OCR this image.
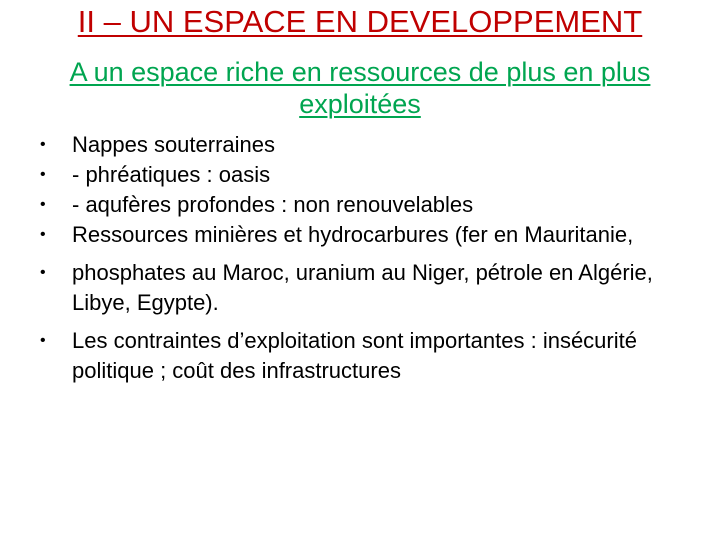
II – UN ESPACE EN DEVELOPPEMENT
A un espace riche en ressources de plus en plus exploitées
•	Nappes souterraines
•	- phréatiques : oasis
•	- aqufères profondes : non renouvelables
•	Ressources minières et hydrocarbures (fer en Mauritanie,
•	phosphates au Maroc, uranium au Niger, pétrole en Algérie, Libye, Egypte).
•	Les contraintes d’exploitation sont importantes : insécurité politique ; coût des infrastructures
